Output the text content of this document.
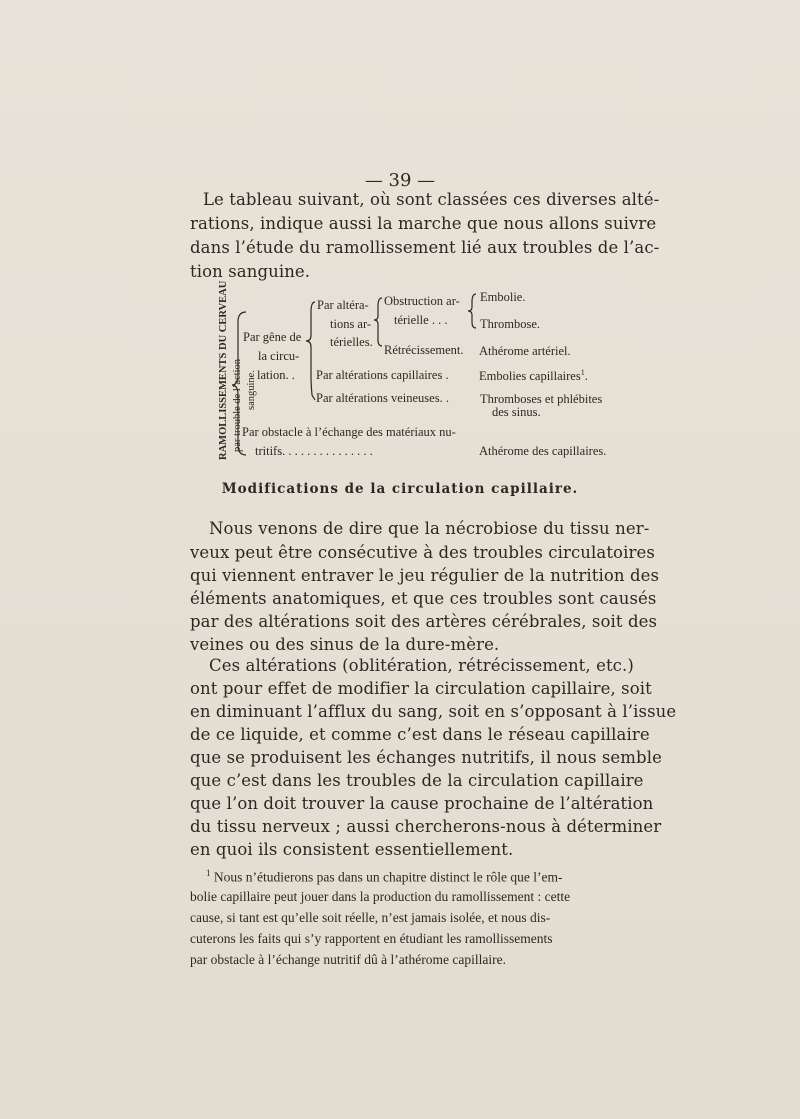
— 39 —
Le tableau suivant, où sont classées ces diverses alté-
rations, indique aussi la marche que nous allons suivre
dans l’étude du ramollissement lié aux troubles de l’ac-
tion sanguine.
RAMOLLISSEMENTS DU CERVEAU par trouble de l’action sanguine.
Par gêne de
la circu-
lation. .
Par altéra-
tions ar-
térielles.
Obstruction ar-
térielle . . .
Embolie.
Thrombose.
Rétrécissement. Athérome artériel.
Par altérations capillaires . Embolies capillaires$^1$.
Par altérations veineuses. . Thromboses et phlébites
des sinus.
Par obstacle à l’échange des matériaux nu-
tritifs. . . . . . . . . . . . . . .	Athérome des capillaires.
Modifications de la circulation capillaire.
Nous venons de dire que la nécrobiose du tissu ner-
veux peut être consécutive à des troubles circulatoires
qui viennent entraver le jeu régulier de la nutrition des
éléments anatomiques, et que ces troubles sont causés
par des altérations soit des artères cérébrales, soit des
veines ou des sinus de la dure-mère.
Ces altérations (oblitération, rétrécissement, etc.)
ont pour effet de modifier la circulation capillaire, soit
en diminuant l’afflux du sang, soit en s’opposant à l’issue
de ce liquide, et comme c’est dans le réseau capillaire
que se produisent les échanges nutritifs, il nous semble
que c’est dans les troubles de la circulation capillaire
que l’on doit trouver la cause prochaine de l’altération
du tissu nerveux ; aussi chercherons-nous à déterminer
en quoi ils consistent essentiellement.
$^1$ Nous n’étudierons pas dans un chapitre distinct le rôle que l’em-
bolie capillaire peut jouer dans la production du ramollissement : cette
cause, si tant est qu’elle soit réelle, n’est jamais isolée, et nous dis-
cuterons les faits qui s’y rapportent en étudiant les ramollissements
par obstacle à l’échange nutritif dû à l’athérome capillaire.
